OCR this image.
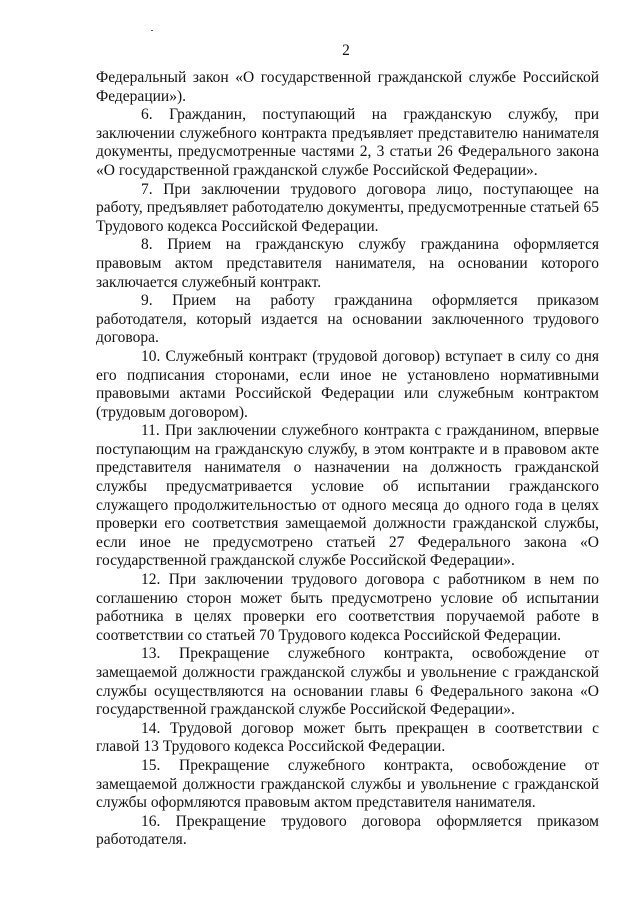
2

Федеральный закон «О государственной гражданской службе Российской Федерации»).

6. Гражданин, поступающий на гражданскую службу, при заключении служебного контракта предъявляет представителю нанимателя документы, предусмотренные частями 2, 3 статьи 26 Федерального закона «О государственной гражданской службе Российской Федерации».

7. При заключении трудового договора лицо, поступающее на работу, предъявляет работодателю документы, предусмотренные статьей 65 Трудового кодекса Российской Федерации.

8. Прием на гражданскую службу гражданина оформляется правовым актом представителя нанимателя, на основании которого заключается служебный контракт.

9. Прием на работу гражданина оформляется приказом работодателя, который издается на основании заключенного трудового договора.

10. Служебный контракт (трудовой договор) вступает в силу со дня его подписания сторонами, если иное не установлено нормативными правовыми актами Российской Федерации или служебным контрактом (трудовым договором).

11. При заключении служебного контракта с гражданином, впервые поступающим на гражданскую службу, в этом контракте и в правовом акте представителя нанимателя о назначении на должность гражданской службы предусматривается условие об испытании гражданского служащего продолжительностью от одного месяца до одного года в целях проверки его соответствия замещаемой должности гражданской службы, если иное не предусмотрено статьей 27 Федерального закона «О государственной гражданской службе Российской Федерации».

12. При заключении трудового договора с работником в нем по соглашению сторон может быть предусмотрено условие об испытании работника в целях проверки его соответствия поручаемой работе в соответствии со статьей 70 Трудового кодекса Российской Федерации.

13. Прекращение служебного контракта, освобождение от замещаемой должности гражданской службы и увольнение с гражданской службы осуществляются на основании главы 6 Федерального закона «О государственной гражданской службе Российской Федерации».

14. Трудовой договор может быть прекращен в соответствии с главой 13 Трудового кодекса Российской Федерации.

15. Прекращение служебного контракта, освобождение от замещаемой должности гражданской службы и увольнение с гражданской службы оформляются правовым актом представителя нанимателя.

16. Прекращение трудового договора оформляется приказом работодателя.
